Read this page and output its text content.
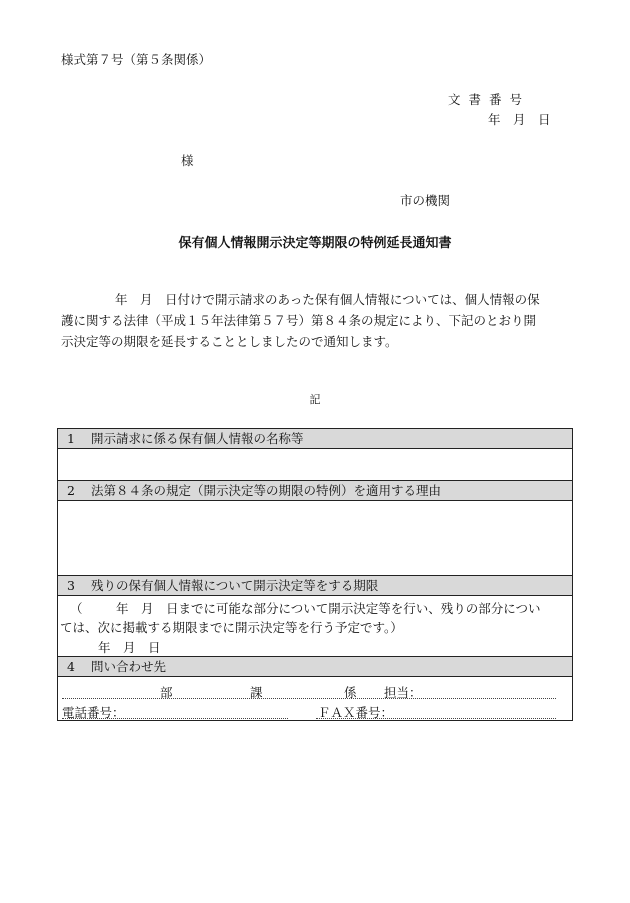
様式第７号（第５条関係）
文書番号
年　月　日
様
市の機関
保有個人情報開示決定等期限の特例延長通知書
年　月　日付けで開示請求のあった保有個人情報については、個人情報の保
護に関する法律（平成１５年法律第５７号）第８４条の規定により、下記のとおり開
示決定等の期限を延長することとしましたので通知します。
記
1 開示請求に係る保有個人情報の名称等
2 法第８４条の規定（開示決定等の期限の特例）を適用する理由
3 残りの保有個人情報について開示決定等をする期限
（	年　月　日までに可能な部分について開示決定等を行い、残りの部分につい
ては、次に掲載する期限までに開示決定等を行う予定です。）
年　月　日
4 問い合わせ先
部	課	係 担当：
電話番号：	ＦＡＸ番号：
